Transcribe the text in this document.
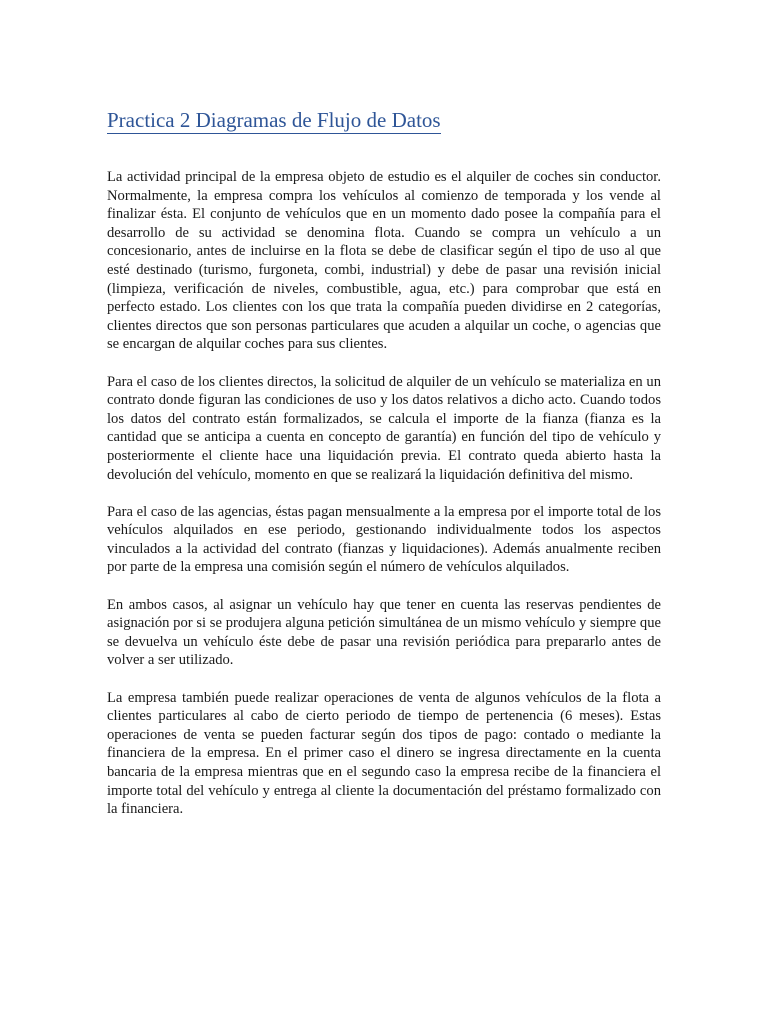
Practica 2 Diagramas de Flujo de Datos

La actividad principal de la empresa objeto de estudio es el alquiler de coches sin conductor. Normalmente, la empresa compra los vehículos al comienzo de temporada y los vende al finalizar ésta. El conjunto de vehículos que en un momento dado posee la compañía para el desarrollo de su actividad se denomina flota. Cuando se compra un vehículo a un concesionario, antes de incluirse en la flota se debe de clasificar según el tipo de uso al que esté destinado (turismo, furgoneta, combi, industrial) y debe de pasar una revisión inicial (limpieza, verificación de niveles, combustible, agua, etc.) para comprobar que está en perfecto estado. Los clientes con los que trata la compañía pueden dividirse en 2 categorías, clientes directos que son personas particulares que acuden a alquilar un coche, o agencias que se encargan de alquilar coches para sus clientes.

Para el caso de los clientes directos, la solicitud de alquiler de un vehículo se materializa en un contrato donde figuran las condiciones de uso y los datos relativos a dicho acto. Cuando todos los datos del contrato están formalizados, se calcula el importe de la fianza (fianza es la cantidad que se anticipa a cuenta en concepto de garantía) en función del tipo de vehículo y posteriormente el cliente hace una liquidación previa. El contrato queda abierto hasta la devolución del vehículo, momento en que se realizará la liquidación definitiva del mismo.

Para el caso de las agencias, éstas pagan mensualmente a la empresa por el importe total de los vehículos alquilados en ese periodo, gestionando individualmente todos los aspectos vinculados a la actividad del contrato (fianzas y liquidaciones). Además anualmente reciben por parte de la empresa una comisión según el número de vehículos alquilados.

En ambos casos, al asignar un vehículo hay que tener en cuenta las reservas pendientes de asignación por si se produjera alguna petición simultánea de un mismo vehículo y siempre que se devuelva un vehículo éste debe de pasar una revisión periódica para prepararlo antes de volver a ser utilizado.

La empresa también puede realizar operaciones de venta de algunos vehículos de la flota a clientes particulares al cabo de cierto periodo de tiempo de pertenencia (6 meses). Estas operaciones de venta se pueden facturar según dos tipos de pago: contado o mediante la financiera de la empresa. En el primer caso el dinero se ingresa directamente en la cuenta bancaria de la empresa mientras que en el segundo caso la empresa recibe de la financiera el importe total del vehículo y entrega al cliente la documentación del préstamo formalizado con la financiera.
